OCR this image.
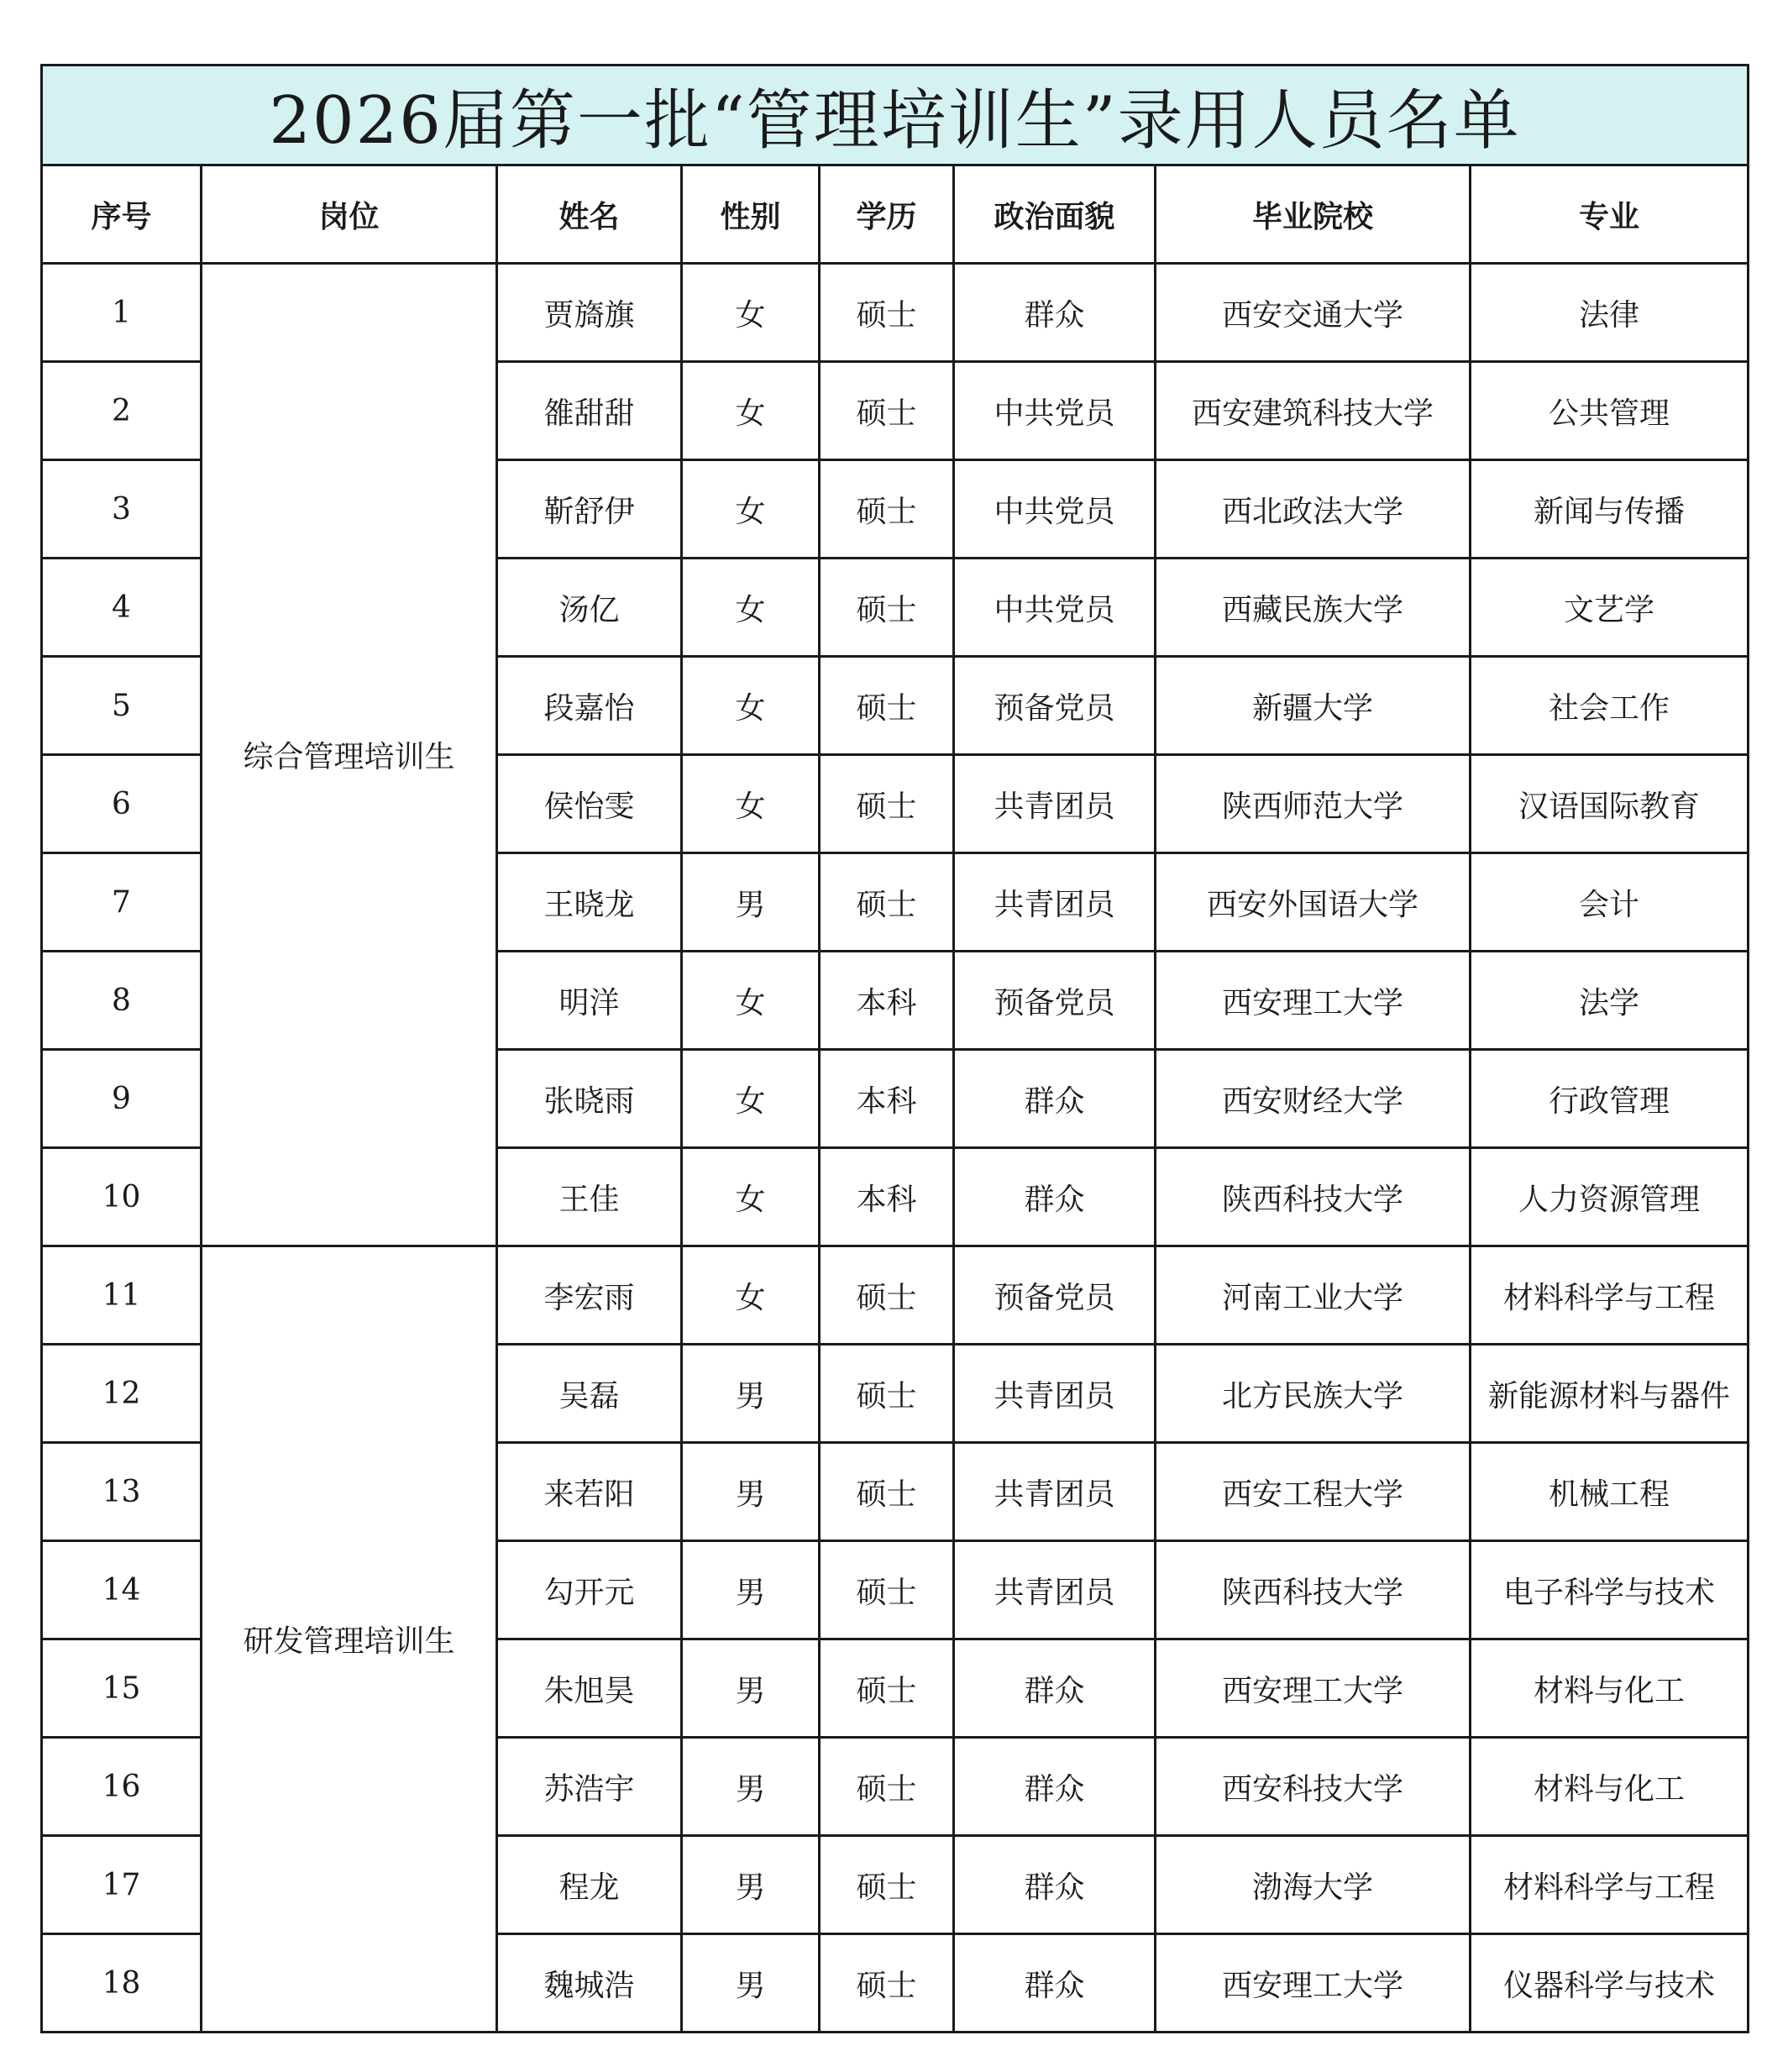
2026届第一批“管理培训生”录用人员名单							
序号	岗位	姓名	性别	学历	政治面貌	毕业院校	专业
1	综合管理培训生	贾旖旗	女	硕士	群众	西安交通大学	法律
2		雒甜甜	女	硕士	中共党员	西安建筑科技大学	公共管理
3		靳舒伊	女	硕士	中共党员	西北政法大学	新闻与传播
4		汤亿	女	硕士	中共党员	西藏民族大学	文艺学
5		段嘉怡	女	硕士	预备党员	新疆大学	社会工作
6		侯怡雯	女	硕士	共青团员	陕西师范大学	汉语国际教育
7		王晓龙	男	硕士	共青团员	西安外国语大学	会计
8		明洋	女	本科	预备党员	西安理工大学	法学
9		张晓雨	女	本科	群众	西安财经大学	行政管理
10		王佳	女	本科	群众	陕西科技大学	人力资源管理
11	研发管理培训生	李宏雨	女	硕士	预备党员	河南工业大学	材料科学与工程
12		吴磊	男	硕士	共青团员	北方民族大学	新能源材料与器件
13		来若阳	男	硕士	共青团员	西安工程大学	机械工程
14		勾开元	男	硕士	共青团员	陕西科技大学	电子科学与技术
15		朱旭昊	男	硕士	群众	西安理工大学	材料与化工
16		苏浩宇	男	硕士	群众	西安科技大学	材料与化工
17		程龙	男	硕士	群众	渤海大学	材料科学与工程
18		魏城浩	男	硕士	群众	西安理工大学	仪器科学与技术
